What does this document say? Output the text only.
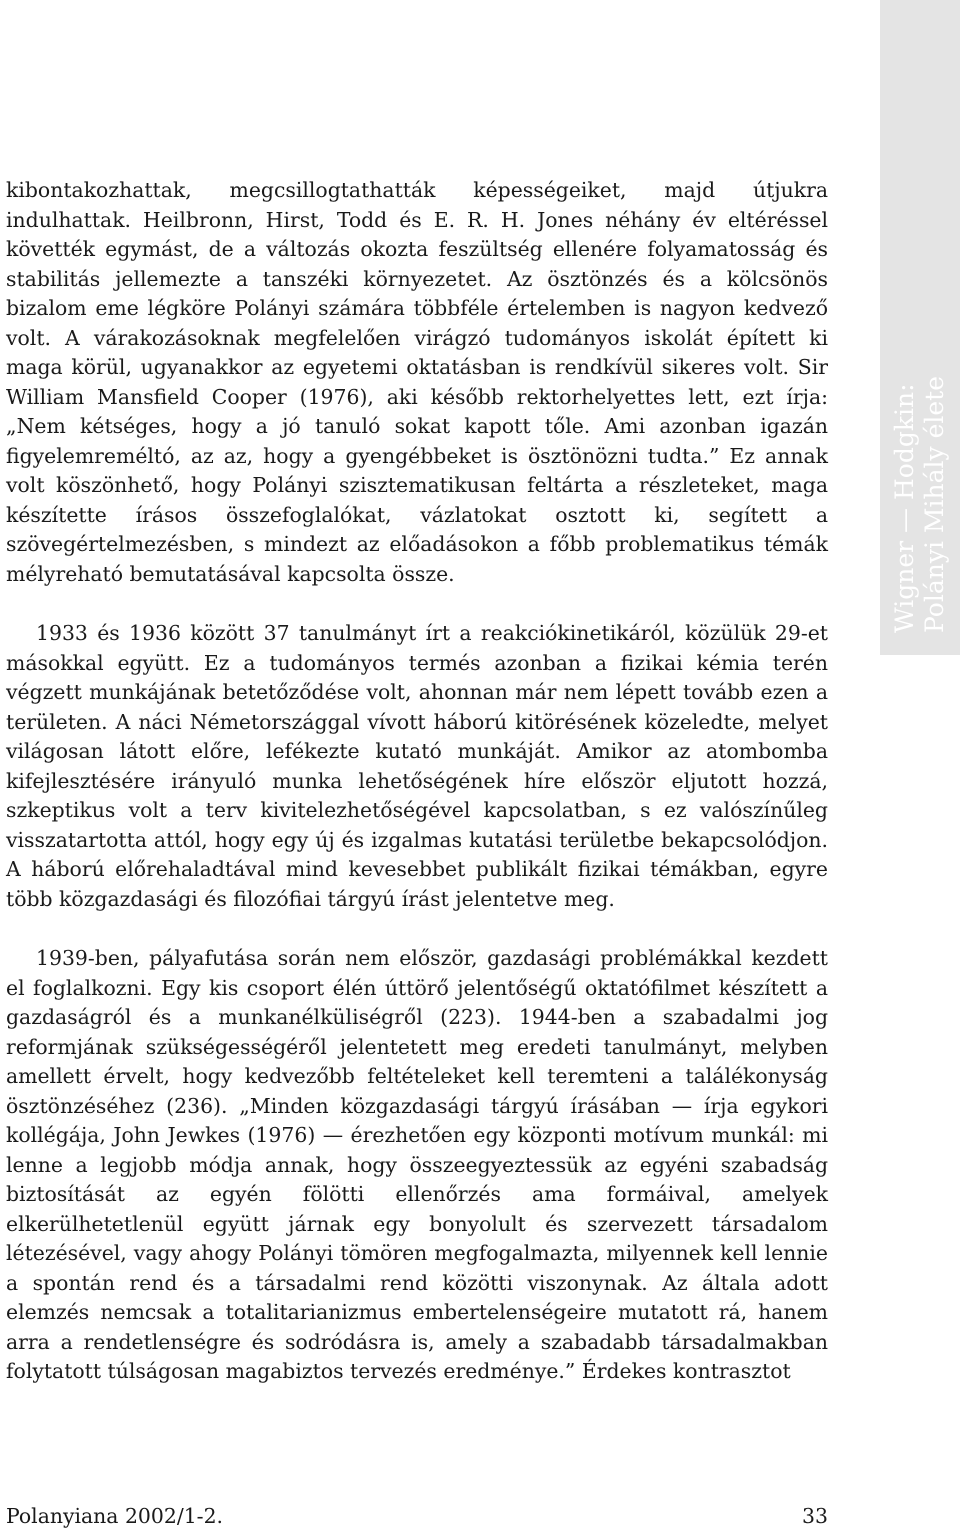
Wigner — Hodgkin: Polányi Mihály élete

kibontakozhattak, megcsillogtathatták képességeiket, majd útjukra indulhattak. Heilbronn, Hirst, Todd és E. R. H. Jones néhány év eltéréssel követték egymást, de a változás okozta feszültség ellenére folyamatosság és stabilitás jellemezte a tanszéki környezetet. Az ösztönzés és a kölcsönös bizalom eme légköre Polányi számára többféle értelemben is nagyon kedvező volt. A várakozásoknak megfelelően virágzó tudományos iskolát épített ki maga körül, ugyanakkor az egyetemi oktatásban is rendkívül sikeres volt. Sir William Mansfield Cooper (1976), aki később rektorhelyettes lett, ezt írja: „Nem kétséges, hogy a jó tanuló sokat kapott tőle. Ami azonban igazán figyelemreméltó, az az, hogy a gyengébbeket is ösztönözni tudta.” Ez annak volt köszönhető, hogy Polányi szisztematikusan feltárta a részleteket, maga készítette írásos összefoglalókat, vázlatokat osztott ki, segített a szövegértelmezésben, s mindezt az előadásokon a főbb problematikus témák mélyreható bemutatásával kapcsolta össze.

1933 és 1936 között 37 tanulmányt írt a reakciókinetikáról, közülük 29-et másokkal együtt. Ez a tudományos termés azonban a fizikai kémia terén végzett munkájának betetőződése volt, ahonnan már nem lépett tovább ezen a területen. A náci Németországgal vívott háború kitörésének közeledte, melyet világosan látott előre, lefékezte kutató munkáját. Amikor az atombomba kifejlesztésére irányuló munka lehetőségének híre először eljutott hozzá, szkeptikus volt a terv kivitelezhetőségével kapcsolatban, s ez valószínűleg visszatartotta attól, hogy egy új és izgalmas kutatási területbe bekapcsolódjon. A háború előrehaladtával mind kevesebbet publikált fizikai témákban, egyre több közgazdasági és filozófiai tárgyú írást jelentetve meg.

1939-ben, pályafutása során nem először, gazdasági problémákkal kezdett el foglalkozni. Egy kis csoport élén úttörő jelentőségű oktatófilmet készített a gazdaságról és a munkanélküliségről (223). 1944-ben a szabadalmi jog reformjának szükségességéről jelentetett meg eredeti tanulmányt, melyben amellett érvelt, hogy kedvezőbb feltételeket kell teremteni a találékonyság ösztönzéséhez (236). „Minden közgazdasági tárgyú írásában — írja egykori kollégája, John Jewkes (1976) — érezhetően egy központi motívum munkál: mi lenne a legjobb módja annak, hogy összeegyeztessük az egyéni szabadság biztosítását az egyén fölötti ellenőrzés ama formáival, amelyek elkerülhetetlenül együtt járnak egy bonyolult és szervezett társadalom létezésével, vagy ahogy Polányi tömören megfogalmazta, milyennek kell lennie a spontán rend és a társadalmi rend közötti viszonynak. Az általa adott elemzés nemcsak a totalitarianizmus embertelenségeire mutatott rá, hanem arra a rendetlenségre és sodródásra is, amely a szabadabb társadalmakban folytatott túlságosan magabiztos tervezés eredménye.” Érdekes kontrasztot

Polanyiana 2002/1-2.	33
